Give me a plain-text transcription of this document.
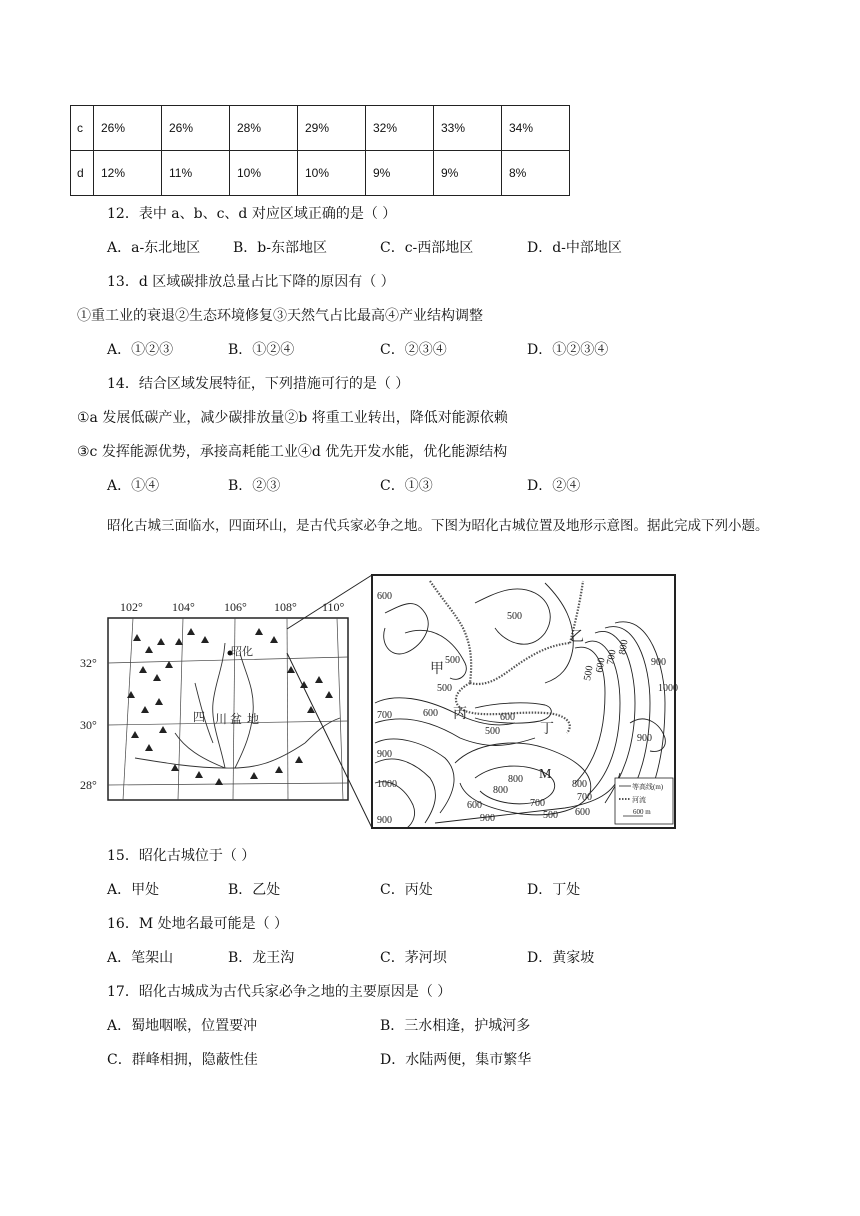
c	26%	26%	28%	29%	32%	33%	34%
d	12%	11%	10%	10%	9%	9%	8%
12．表中 a、b、c、d 对应区域正确的是（ ）
A．a-东北地区 B．b-东部地区	C．c-西部地区	D．d-中部地区
13．d 区域碳排放总量占比下降的原因有（ ）
①重工业的衰退②生态环境修复③天然气占比最高④产业结构调整
A．①②③	B．①②④	C．②③④	D．①②③④
14．结合区域发展特征，下列措施可行的是（ ）
①a 发展低碳产业，减少碳排放量②b 将重工业转出，降低对能源依赖
③c 发挥能源优势，承接高耗能工业④d 优先开发水能，优化能源结构
A．①④	B．②③	C．①③	D．②④
昭化古城三面临水，四面环山，是古代兵家必争之地。下图为昭化古城位置及地形示意图。据此完成下列小题。
昭化
四 川 盆 地
102° 104° 106° 108° 110°
32°
30°
28°
600
500
500
500
600
700	600
500
900
1000	800
700
600
800
800
700
600
500
900
500
600
700
800
900
1000
900
900
甲
乙
丙
丁
M
等高线(m)
河流
600 m
15．昭化古城位于（ ）
A．甲处	B．乙处	C．丙处	D．丁处
16．M 处地名最可能是（ ）
A．笔架山	B．龙王沟	C．茅河坝	D．黄家坡
17．昭化古城成为古代兵家必争之地的主要原因是（ ）
A．蜀地咽喉，位置要冲	B．三水相逢，护城河多
C．群峰相拥，隐蔽性佳	D．水陆两便，集市繁华
